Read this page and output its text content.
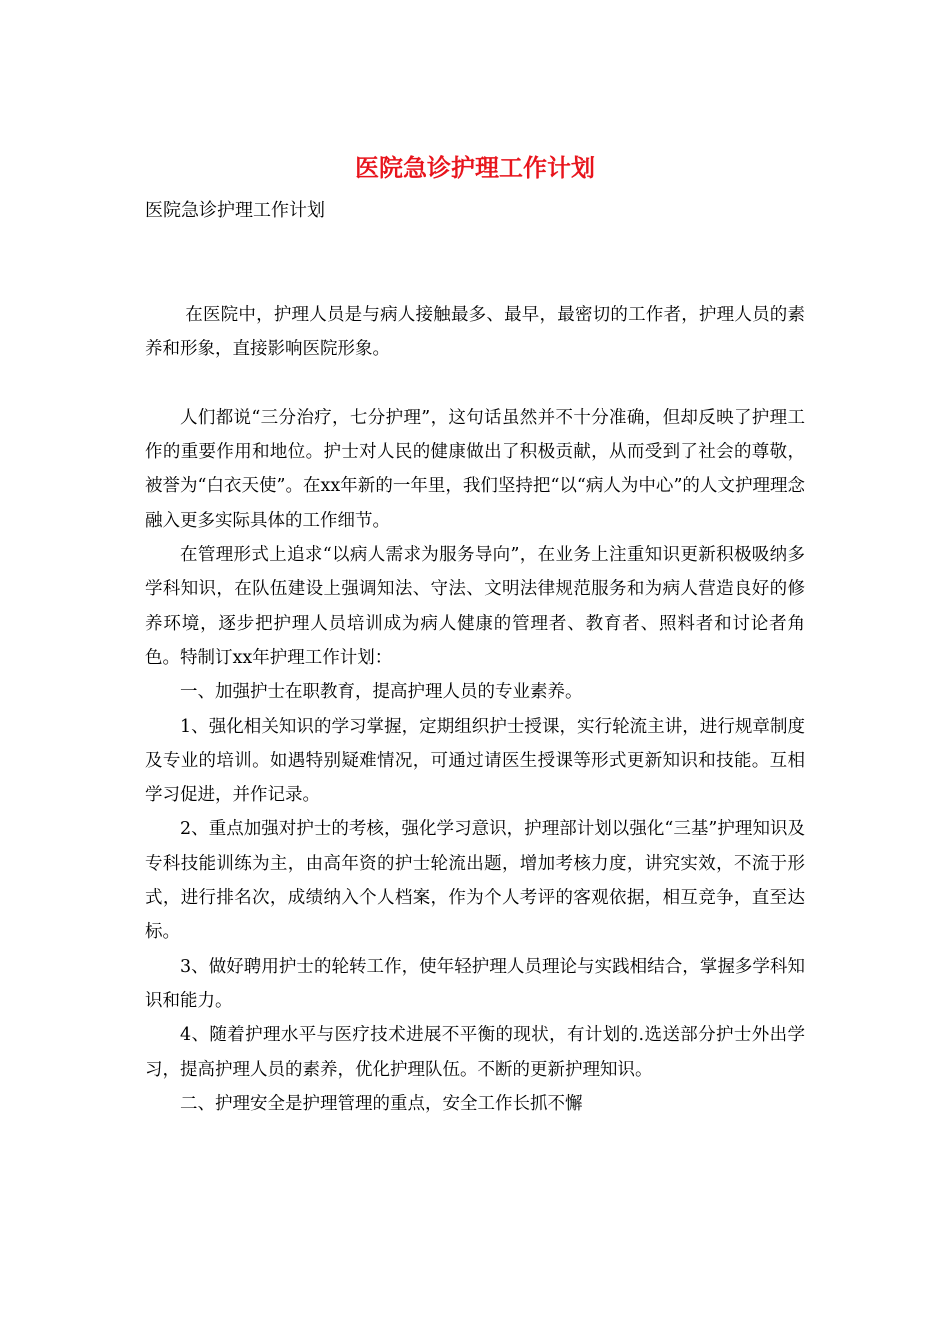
医院急诊护理工作计划

医院急诊护理工作计划

在医院中，护理人员是与病人接触最多、最早，最密切的工作者，护理人员的素养和形象，直接影响医院形象。

人们都说“三分治疗，七分护理”，这句话虽然并不十分准确，但却反映了护理工作的重要作用和地位。护士对人民的健康做出了积极贡献，从而受到了社会的尊敬，被誉为“白衣天使”。在xx年新的一年里，我们坚持把“以“病人为中心”的人文护理理念融入更多实际具体的工作细节。

在管理形式上追求“以病人需求为服务导向”，在业务上注重知识更新积极吸纳多学科知识，在队伍建设上强调知法、守法、文明法律规范服务和为病人营造良好的修养环境，逐步把护理人员培训成为病人健康的管理者、教育者、照料者和讨论者角色。特制订xx年护理工作计划：

一、加强护士在职教育，提高护理人员的专业素养。

1、强化相关知识的学习掌握，定期组织护士授课，实行轮流主讲，进行规章制度及专业的培训。如遇特别疑难情况，可通过请医生授课等形式更新知识和技能。互相学习促进，并作记录。

2、重点加强对护士的考核，强化学习意识，护理部计划以强化“三基”护理知识及专科技能训练为主，由高年资的护士轮流出题，增加考核力度，讲究实效，不流于形式，进行排名次，成绩纳入个人档案，作为个人考评的客观依据，相互竞争，直至达标。

3、做好聘用护士的轮转工作，使年轻护理人员理论与实践相结合，掌握多学科知识和能力。

4、随着护理水平与医疗技术进展不平衡的现状，有计划的.选送部分护士外出学习，提高护理人员的素养，优化护理队伍。不断的更新护理知识。

二、护理安全是护理管理的重点，安全工作长抓不懈
